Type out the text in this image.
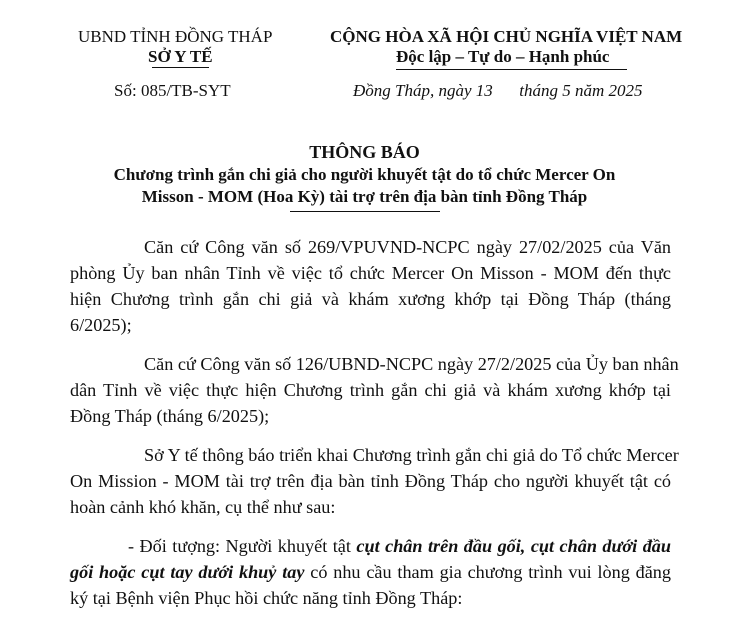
UBND TỈNH ĐỒNG THÁP
SỞ Y TẾ
Số: 085/TB-SYT
CỘNG HÒA XÃ HỘI CHỦ NGHĨA VIỆT NAM
Độc lập – Tự do – Hạnh phúc
Đồng Tháp, ngày 13 tháng 5 năm 2025
THÔNG BÁO
Chương trình gắn chi giả cho người khuyết tật do tổ chức Mercer On
Misson - MOM (Hoa Kỳ) tài trợ trên địa bàn tỉnh Đồng Tháp
Căn cứ Công văn số 269/VPUVND-NCPC ngày 27/02/2025 của Văn
phòng Ủy ban nhân Tỉnh về việc tổ chức Mercer On Misson - MOM đến thực
hiện Chương trình gắn chi giả và khám xương khớp tại Đồng Tháp (tháng
6/2025);
Căn cứ Công văn số 126/UBND-NCPC ngày 27/2/2025 của Ủy ban nhân
dân Tỉnh về việc thực hiện Chương trình gắn chi giả và khám xương khớp tại
Đồng Tháp (tháng 6/2025);
Sở Y tế thông báo triển khai Chương trình gắn chi giả do Tổ chức Mercer
On Mission - MOM tài trợ trên địa bàn tỉnh Đồng Tháp cho người khuyết tật có
hoàn cảnh khó khăn, cụ thể như sau:
- Đối tượng: Người khuyết tật cụt chân trên đầu gối, cụt chân dưới đầu
gối hoặc cụt tay dưới khuỷ tay có nhu cầu tham gia chương trình vui lòng đăng
ký tại Bệnh viện Phục hồi chức năng tỉnh Đồng Tháp:
